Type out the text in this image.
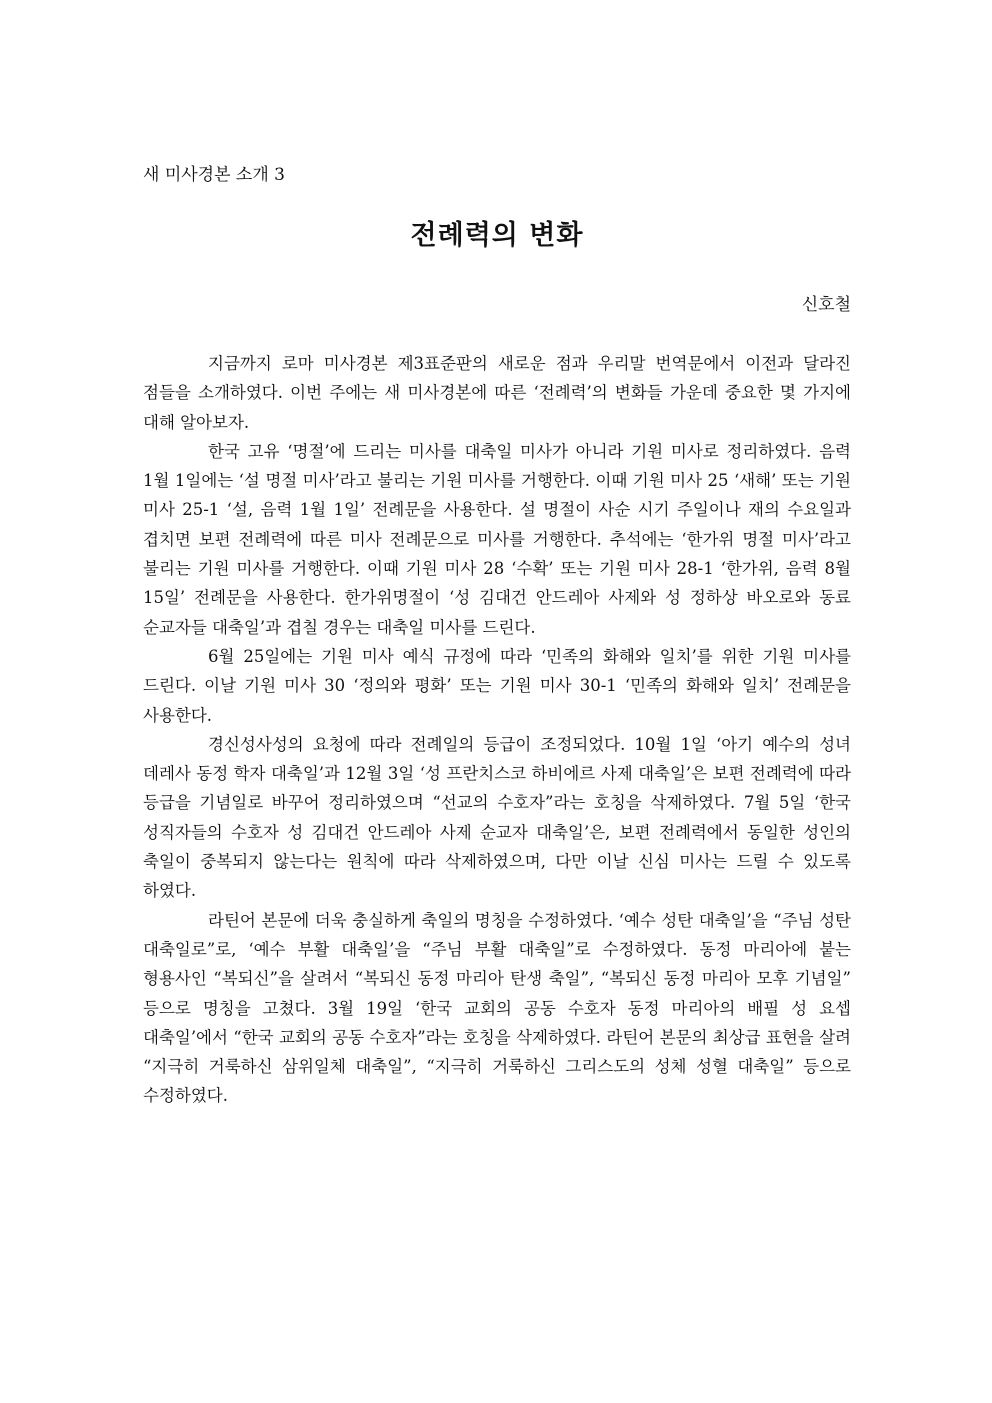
새 미사경본 소개 3
전례력의 변화
신호철

지금까지 로마 미사경본 제3표준판의 새로운 점과 우리말 번역문에서 이전과 달라진 점들을 소개하였다. 이번 주에는 새 미사경본에 따른 ‘전례력’의 변화들 가운데 중요한 몇 가지에 대해 알아보자.

한국 고유 ‘명절’에 드리는 미사를 대축일 미사가 아니라 기원 미사로 정리하였다. 음력 1월 1일에는 ‘설 명절 미사’라고 불리는 기원 미사를 거행한다. 이때 기원 미사 25 ‘새해’ 또는 기원 미사 25-1 ‘설, 음력 1월 1일’ 전례문을 사용한다. 설 명절이 사순 시기 주일이나 재의 수요일과 겹치면 보편 전례력에 따른 미사 전례문으로 미사를 거행한다. 추석에는 ‘한가위 명절 미사’라고 불리는 기원 미사를 거행한다. 이때 기원 미사 28 ‘수확’ 또는 기원 미사 28-1 ‘한가위, 음력 8월 15일’ 전례문을 사용한다. 한가위명절이 ‘성 김대건 안드레아 사제와 성 정하상 바오로와 동료 순교자들 대축일’과 겹칠 경우는 대축일 미사를 드린다.

6월 25일에는 기원 미사 예식 규정에 따라 ‘민족의 화해와 일치’를 위한 기원 미사를 드린다. 이날 기원 미사 30 ‘정의와 평화’ 또는 기원 미사 30-1 ‘민족의 화해와 일치’ 전례문을 사용한다.

경신성사성의 요청에 따라 전례일의 등급이 조정되었다. 10월 1일 ‘아기 예수의 성녀 데레사 동정 학자 대축일’과 12월 3일 ‘성 프란치스코 하비에르 사제 대축일’은 보편 전례력에 따라 등급을 기념일로 바꾸어 정리하였으며 “선교의 수호자”라는 호칭을 삭제하였다. 7월 5일 ‘한국 성직자들의 수호자 성 김대건 안드레아 사제 순교자 대축일’은, 보편 전례력에서 동일한 성인의 축일이 중복되지 않는다는 원칙에 따라 삭제하였으며, 다만 이날 신심 미사는 드릴 수 있도록 하였다.

라틴어 본문에 더욱 충실하게 축일의 명칭을 수정하였다. ‘예수 성탄 대축일’을 “주님 성탄 대축일로”로, ‘예수 부활 대축일’을 “주님 부활 대축일”로 수정하였다. 동정 마리아에 붙는 형용사인 “복되신”을 살려서 “복되신 동정 마리아 탄생 축일”, “복되신 동정 마리아 모후 기념일” 등으로 명칭을 고쳤다. 3월 19일 ‘한국 교회의 공동 수호자 동정 마리아의 배필 성 요셉 대축일’에서 “한국 교회의 공동 수호자”라는 호칭을 삭제하였다. 라틴어 본문의 최상급 표현을 살려 “지극히 거룩하신 삼위일체 대축일”, “지극히 거룩하신 그리스도의 성체 성혈 대축일” 등으로 수정하였다.
